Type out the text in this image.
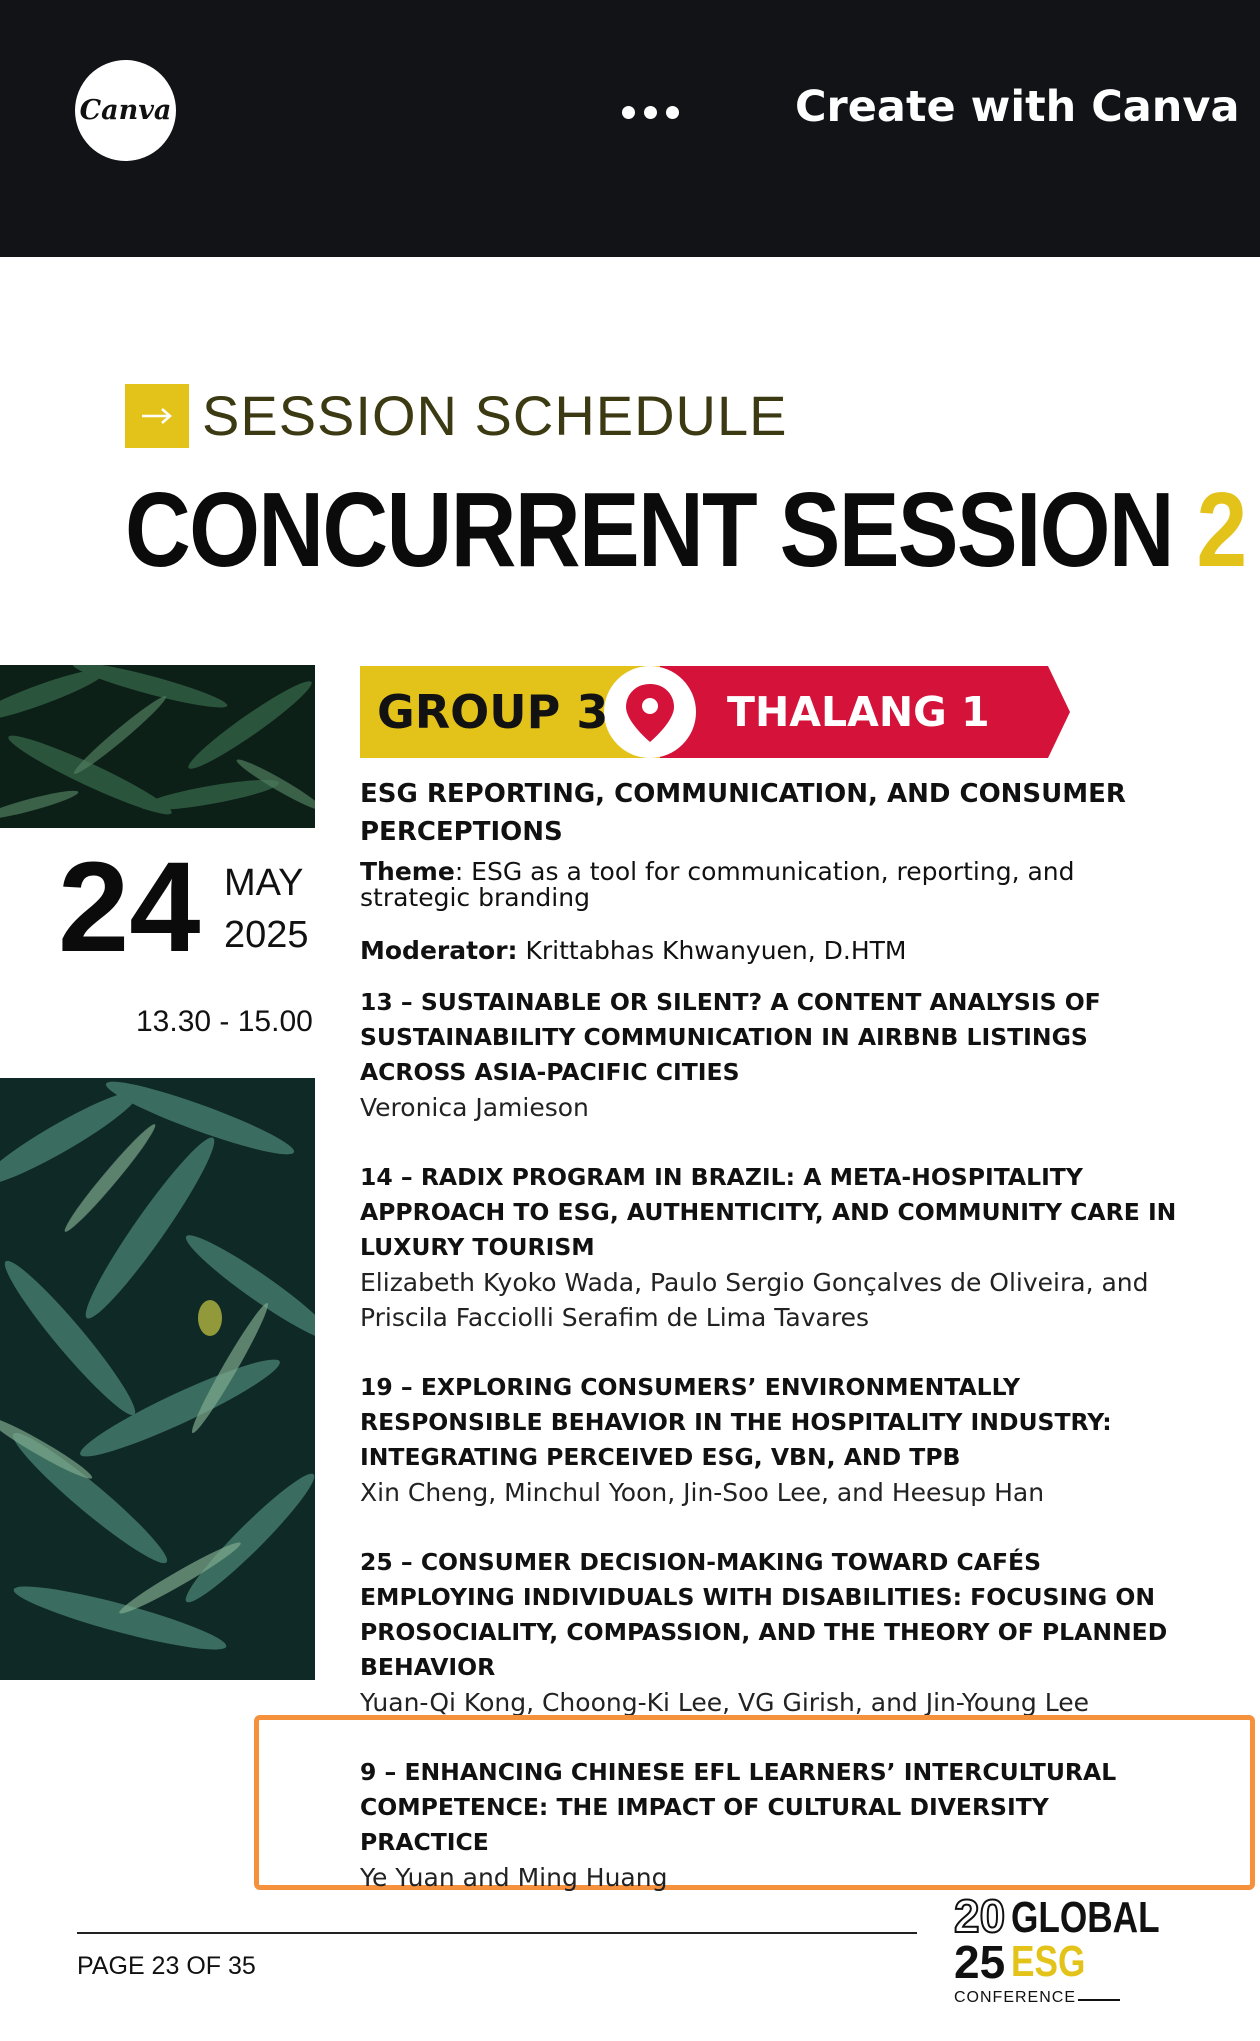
Canva	Create with Canva
SESSION SCHEDULE
CONCURRENT SESSION 2
24 MAY
2025
13.30 - 15.00
GROUP 3	THALANG 1
ESG REPORTING, COMMUNICATION, AND CONSUMER PERCEPTIONS
Theme: ESG as a tool for communication, reporting, and strategic branding
Moderator: Krittabhas Khwanyuen, D.HTM
13 – SUSTAINABLE OR SILENT? A CONTENT ANALYSIS OF SUSTAINABILITY COMMUNICATION IN AIRBNB LISTINGS ACROSS ASIA-PACIFIC CITIES
Veronica Jamieson
14 – RADIX PROGRAM IN BRAZIL: A META-HOSPITALITY APPROACH TO ESG, AUTHENTICITY, AND COMMUNITY CARE IN LUXURY TOURISM
Elizabeth Kyoko Wada, Paulo Sergio Gonçalves de Oliveira, and Priscila Facciolli Serafim de Lima Tavares
19 – EXPLORING CONSUMERS’ ENVIRONMENTALLY RESPONSIBLE BEHAVIOR IN THE HOSPITALITY INDUSTRY: INTEGRATING PERCEIVED ESG, VBN, AND TPB
Xin Cheng, Minchul Yoon, Jin-Soo Lee, and Heesup Han
25 – CONSUMER DECISION-MAKING TOWARD CAFÉS EMPLOYING INDIVIDUALS WITH DISABILITIES: FOCUSING ON PROSOCIALITY, COMPASSION, AND THE THEORY OF PLANNED BEHAVIOR
Yuan-Qi Kong, Choong-Ki Lee, VG Girish, and Jin-Young Lee
9 – ENHANCING CHINESE EFL LEARNERS’ INTERCULTURAL COMPETENCE: THE IMPACT OF CULTURAL DIVERSITY PRACTICE
Ye Yuan and Ming Huang
PAGE 23 OF 35
20
25
GLOBAL
ESG
CONFERENCE
